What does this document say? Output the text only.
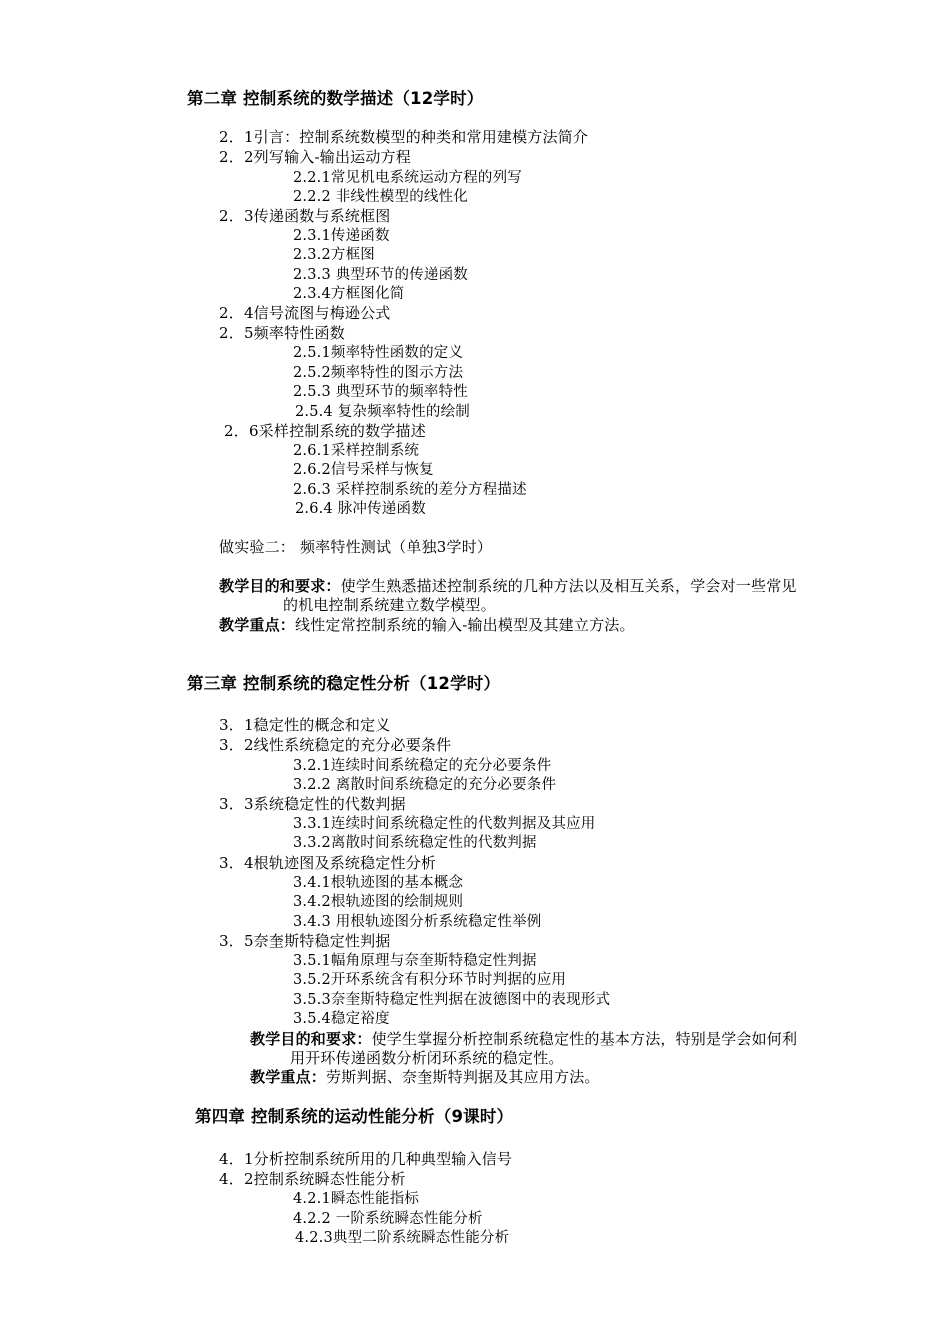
第二章 控制系统的数学描述（12学时）
2．1引言：控制系统数模型的种类和常用建模方法简介
2．2列写输入-输出运动方程
2.2.1常见机电系统运动方程的列写
2.2.2 非线性模型的线性化
2．3传递函数与系统框图
2.3.1传递函数
2.3.2方框图
2.3.3 典型环节的传递函数
2.3.4方框图化简
2．4信号流图与梅逊公式
2．5频率特性函数
2.5.1频率特性函数的定义
2.5.2频率特性的图示方法
2.5.3 典型环节的频率特性
2.5.4 复杂频率特性的绘制
2．6采样控制系统的数学描述
2.6.1采样控制系统
2.6.2信号采样与恢复
2.6.3 采样控制系统的差分方程描述
2.6.4 脉冲传递函数
做实验二： 频率特性测试（单独3学时）
教学目的和要求：使学生熟悉描述控制系统的几种方法以及相互关系，学会对一些常见
的机电控制系统建立数学模型。
教学重点：线性定常控制系统的输入-输出模型及其建立方法。
第三章 控制系统的稳定性分析（12学时）
3．1稳定性的概念和定义
3．2线性系统稳定的充分必要条件
3.2.1连续时间系统稳定的充分必要条件
3.2.2 离散时间系统稳定的充分必要条件
3．3系统稳定性的代数判据
3.3.1连续时间系统稳定性的代数判据及其应用
3.3.2离散时间系统稳定性的代数判据
3．4根轨迹图及系统稳定性分析
3.4.1根轨迹图的基本概念
3.4.2根轨迹图的绘制规则
3.4.3 用根轨迹图分析系统稳定性举例
3．5奈奎斯特稳定性判据
3.5.1幅角原理与奈奎斯特稳定性判据
3.5.2开环系统含有积分环节时判据的应用
3.5.3奈奎斯特稳定性判据在波德图中的表现形式
3.5.4稳定裕度
教学目的和要求：使学生掌握分析控制系统稳定性的基本方法，特别是学会如何利
用开环传递函数分析闭环系统的稳定性。
教学重点：劳斯判据、奈奎斯特判据及其应用方法。
第四章 控制系统的运动性能分析（9课时）
4．1分析控制系统所用的几种典型输入信号
4．2控制系统瞬态性能分析
4.2.1瞬态性能指标
4.2.2 一阶系统瞬态性能分析
4.2.3典型二阶系统瞬态性能分析
